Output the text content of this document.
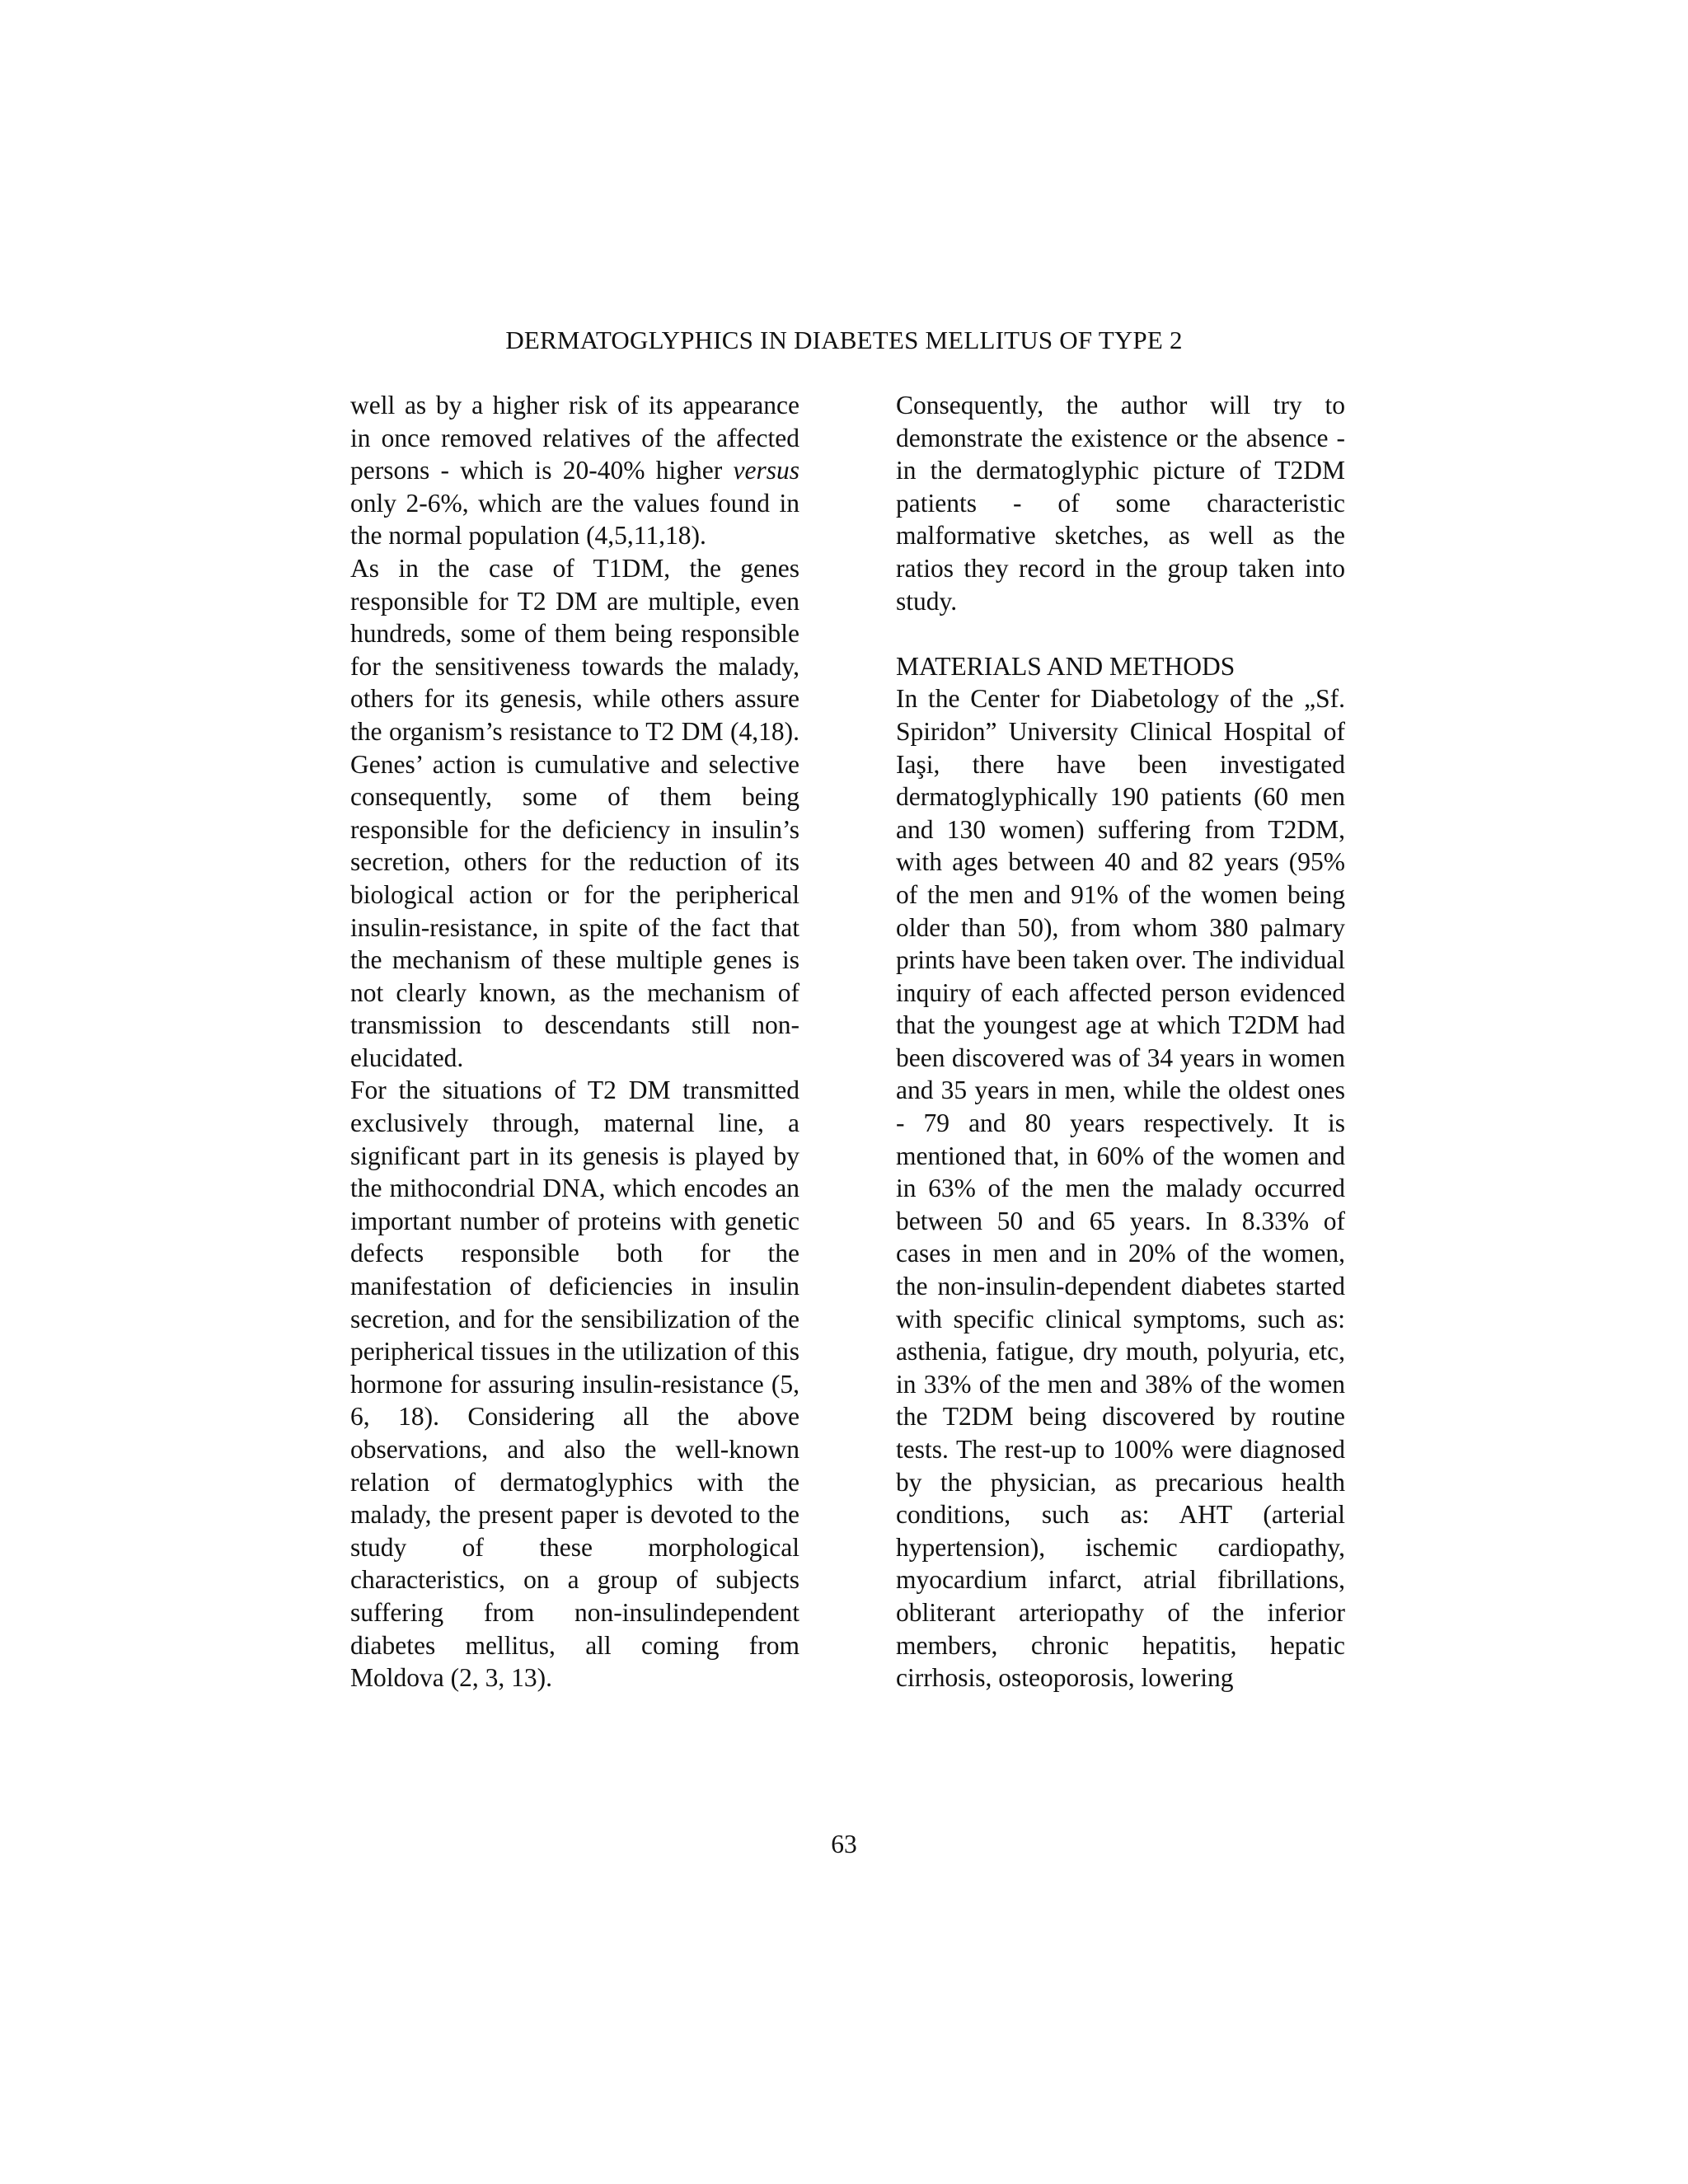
DERMATOGLYPHICS IN DIABETES MELLITUS OF TYPE 2

well as by a higher risk of its appearance in once removed relatives of the affected persons - which is 20-40% higher versus only 2-6%, which are the values found in the normal population (4,5,11,18).

As in the case of T1DM, the genes responsible for T2 DM are multiple, even hundreds, some of them being responsible for the sensitiveness towards the malady, others for its genesis, while others assure the organism’s resistance to T2 DM (4,18). Genes’ action is cumulative and selective consequently, some of them being responsible for the deficiency in insulin’s secretion, others for the reduction of its biological action or for the peripherical insulin-resistance, in spite of the fact that the mechanism of these multiple genes is not clearly known, as the mechanism of transmission to descendants still non-elucidated.

For the situations of T2 DM transmitted exclusively through, maternal line, a significant part in its genesis is played by the mithocondrial DNA, which encodes an important number of proteins with genetic defects responsible both for the manifestation of deficiencies in insulin secretion, and for the sensibilization of the peripherical tissues in the utilization of this hormone for assuring insulin-resistance (5, 6, 18). Considering all the above observations, and also the well-known relation of dermatoglyphics with the malady, the present paper is devoted to the study of these morphological characteristics, on a group of subjects suffering from non-insulindependent diabetes mellitus, all coming from Moldova (2, 3, 13).

Consequently, the author will try to demonstrate the existence or the absence - in the dermatoglyphic picture of T2DM patients - of some characteristic malformative sketches, as well as the ratios they record in the group taken into study.

MATERIALS AND METHODS

In the Center for Diabetology of the „Sf. Spiridon” University Clinical Hospital of Iaşi, there have been investigated dermatoglyphically 190 patients (60 men and 130 women) suffering from T2DM, with ages between 40 and 82 years (95% of the men and 91% of the women being older than 50), from whom 380 palmary prints have been taken over. The individual inquiry of each affected person evidenced that the youngest age at which T2DM had been discovered was of 34 years in women and 35 years in men, while the oldest ones - 79 and 80 years respectively. It is mentioned that, in 60% of the women and in 63% of the men the malady occurred between 50 and 65 years. In 8.33% of cases in men and in 20% of the women, the non-insulin-dependent diabetes started with specific clinical symptoms, such as: asthenia, fatigue, dry mouth, polyuria, etc, in 33% of the men and 38% of the women the T2DM being discovered by routine tests. The rest-up to 100% were diagnosed by the physician, as precarious health conditions, such as: AHT (arterial hypertension), ischemic cardiopathy, myocardium infarct, atrial fibrillations, obliterant arteriopathy of the inferior members, chronic hepatitis, hepatic cirrhosis, osteoporosis, lowering

63
